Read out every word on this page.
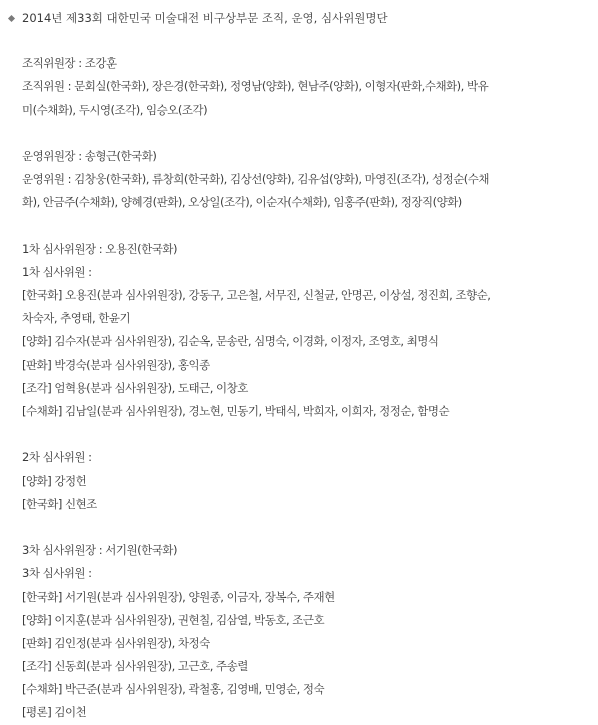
2014년 제33회 대한민국 미술대전 비구상부문 조직, 운영, 심사위원명단
조직위원장 : 조강훈
조직위원 : 문회실(한국화), 장은경(한국화), 정영남(양화), 현남주(양화), 이형자(판화,수채화), 박유
미(수채화), 두시영(조각), 임승오(조각)
운영위원장 : 송형근(한국화)
운영위원 : 김창웅(한국화), 류창희(한국화), 김상선(양화), 김유섭(양화), 마영진(조각), 성정순(수채
화), 안금주(수채화), 양혜경(판화), 오상일(조각), 이순자(수채화), 임홍주(판화), 정장직(양화)
1차 심사위원장 : 오용진(한국화)
1차 심사위원 :
[한국화] 오용진(분과 심사위원장), 강동구, 고은철, 서무진, 신철균, 안명곤, 이상설, 정진희, 조향순,
차숙자, 추영태, 한윤기
[양화] 김수자(분과 심사위원장), 김순옥, 문송란, 심명숙, 이경화, 이정자, 조영호, 최명식
[판화] 박경숙(분과 심사위원장), 홍익종
[조각] 엄혁용(분과 심사위원장), 도태근, 이창호
[수채화] 김남일(분과 심사위원장), 경노현, 민동기, 박태식, 박희자, 이희자, 정정순, 함명순
2차 심사위원 :
[양화] 강정헌
[한국화] 신현조
3차 심사위원장 : 서기원(한국화)
3차 심사위원 :
[한국화] 서기원(분과 심사위원장), 양원종, 이금자, 장복수, 주재현
[양화] 이지훈(분과 심사위원장), 권현칠, 김삼열, 박동호, 조근호
[판화] 김인정(분과 심사위원장), 차정숙
[조각] 신동희(분과 심사위원장), 고근호, 주송렬
[수채화] 박근준(분과 심사위원장), 곽철홍, 김영배, 민영순, 정숙
[평론] 김이천
